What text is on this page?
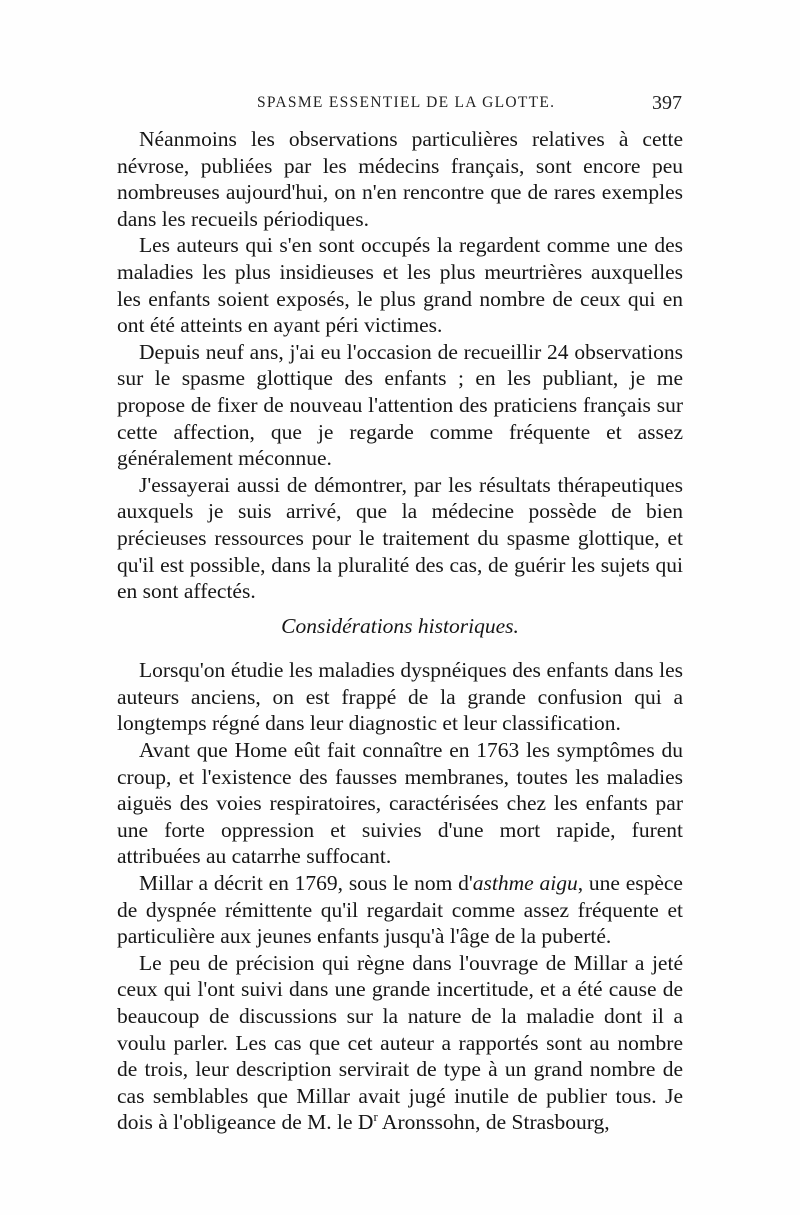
SPASME ESSENTIEL DE LA GLOTTE.	397

Néanmoins les observations particulières relatives à cette névrose, publiées par les médecins français, sont encore peu nombreuses aujourd'hui, on n'en rencontre que de rares exemples dans les recueils périodiques.

Les auteurs qui s'en sont occupés la regardent comme une des maladies les plus insidieuses et les plus meurtrières auxquelles les enfants soient exposés, le plus grand nombre de ceux qui en ont été atteints en ayant péri victimes.

Depuis neuf ans, j'ai eu l'occasion de recueillir 24 observations sur le spasme glottique des enfants ; en les publiant, je me propose de fixer de nouveau l'attention des praticiens français sur cette affection, que je regarde comme fréquente et assez généralement méconnue.

J'essayerai aussi de démontrer, par les résultats thérapeutiques auxquels je suis arrivé, que la médecine possède de bien précieuses ressources pour le traitement du spasme glottique, et qu'il est possible, dans la pluralité des cas, de guérir les sujets qui en sont affectés.

Considérations historiques.

Lorsqu'on étudie les maladies dyspnéiques des enfants dans les auteurs anciens, on est frappé de la grande confusion qui a longtemps régné dans leur diagnostic et leur classification.

Avant que Home eût fait connaître en 1763 les symptômes du croup, et l'existence des fausses membranes, toutes les maladies aiguës des voies respiratoires, caractérisées chez les enfants par une forte oppression et suivies d'une mort rapide, furent attribuées au catarrhe suffocant.

Millar a décrit en 1769, sous le nom d'asthme aigu, une espèce de dyspnée rémittente qu'il regardait comme assez fréquente et particulière aux jeunes enfants jusqu'à l'âge de la puberté.

Le peu de précision qui règne dans l'ouvrage de Millar a jeté ceux qui l'ont suivi dans une grande incertitude, et a été cause de beaucoup de discussions sur la nature de la maladie dont il a voulu parler. Les cas que cet auteur a rapportés sont au nombre de trois, leur description servirait de type à un grand nombre de cas semblables que Millar avait jugé inutile de publier tous. Je dois à l'obligeance de M. le $D^r$ Aronssohn, de Strasbourg,
